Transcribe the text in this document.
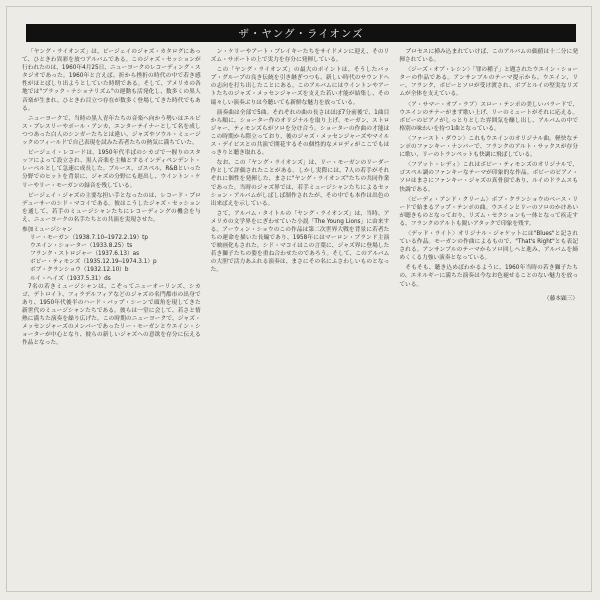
ザ・ヤング・ライオンズ

「ヤング・ライオンズ」は、ビージェイのジャズ・カタログにあって、ひときわ異彩を放つアルバムである。このジャズ・セッションが行われたのは、1960年4月25日、ニューヨークのレコーディング・スタジオであった。1960年と言えば、折から挫折の時代の中で若き感性がほとばしり出ようとしていた時期である。そして、アメリカの各地では"ブラック・ナショナリズム"の運動も活発化し、数多くの黒人音楽が生まれ、ひときわ目立つ存在が数多く登場してきた時代でもある。

ニューヨークで、当時の黒人青年たちの音楽へ向かう勢いはエルビス・プレスリーやポール・アンカ、エンターテイナーとして名を成しつつあった白人のシンガーたちとは違い、ジャズやソウル・ミュージックのフィールドで自己表現を試みた若者たちの熱気に満ちていた。

ビージェイ・レコードは、1950年代半ばのシカゴで一握りのスタッフによって設立され、黒人音楽を主軸とするインディペンデント・レーベルとして急速に成長した。ブルース、ゴスペル、R&Bといった分野でのヒットを背景に、ジャズの分野にも進出し、ウイントン・ケリーやリー・モーガンの録音を残している。

ビージェイ・ジャズの主要な担い手となったのは、レコード・プロデューサーのシド・マコイである。彼はこうしたジャズ・セッションを通して、若手のミュージシャンたちにレコーディングの機会を与え、ニューヨークの名手たちとの共演を実現させた。

参加ミュージシャン
リー・モーガン（1938.7.10─1972.2.19）tp
ウエイン・ショーター（1933.8.25）ts
フランク・ストロジャー（1937.6.13）as
ボビー・ティモンズ（1935.12.19─1974.3.1）p
ボブ・クランショウ（1932.12.10）b
ルイ・ヘイズ（1937.5.31）ds

7名の若きミュージシャンは、こぞってニューオーリンズ、シカゴ、デトロイト、フィラデルフィアなどのジャズの名門都市の出身であり、1950年代後半のハード・バップ・シーンで頭角を現してきた新世代のミュージシャンたちである。彼らは一堂に会して、若さと情熱に満ちた演奏を繰り広げた。この時期のニューヨークで、ジャズ・メッセンジャーズのメンバーであったリー・モーガンとウエイン・ショーターが中心となり、彼らの新しいジャズへの意欲を存分に伝える作品となった。

ン・ケリーやアート・ブレイキーたちをサイドメンに迎え、そのリズム・サポートの上で実力を存分に発揮している。

この「ヤング・ライオンズ」の最大のポイントは、そうしたバップ・グループの良き伝統を引き継ぎつつも、新しい時代のサウンドへの志向を打ち出したことにある。このアルバムにはウイントンやアートたちのジャズ・メッセンジャーズを支えた若い才能が結集し、その瑞々しい演奏ぶりは今聴いても新鮮な魅力を放っている。

演奏曲は全部で5曲。それぞれの曲の長さはほぼ7分前後で、1曲目から順に、ショーター作のオリジナルを取り上げ、モーガン、ストロジャー、ティモンズらがソロを分け合う。ショーターの作曲の才能はこの時期から際立っており、後のジャズ・メッセンジャーズやマイルス・デイビスとの共演で開花するその個性的なメロディがここでもはっきりと聴き取れる。

なお、この「ヤング・ライオンズ」は、リー・モーガンのリーダー作として評価されたことがある。しかし実際には、7人の若手がそれぞれに個性を発揮した、まさに"ヤング・ライオンズ"たちの共同作業であった。当時のジャズ界では、若手ミュージシャンたちによるセッション・アルバムがしばしば制作されたが、その中でも本作は出色の出来ばえを示している。

さて、アルバム・タイトルの「ヤング・ライオンズ」は、当時、アメリカの文学界をにぎわせていた小説「The Young Lions」に由来する。アーウィン・ショウのこの作品は第二次世界大戦を背景に若者たちの運命を描いた長編であり、1958年にはマーロン・ブランド主演で映画化もされた。シド・マコイはこの言葉に、ジャズ界に登場した若き獅子たちの姿を重ね合わせたのであろう。そして、このアルバムの大胆で活力あふれる演奏は、まさにその名にふさわしいものとなった。

プロセスに挿み込まれていけば、このアルバムの価値は十二分に発揮されている。

〈ジーズ・オブ・レシン〉「罪の種子」と題されたウエイン・ショーターの作品である。アンサンブルのテーマ提示から、ウエイン、リー、フランク、ボビーとソロが受け渡され、ボブとルイの堅実なリズムが全体を支えている。

〈ア・サマー・オブ・ラブ〉スロー・テンポの美しいバラードで、ウエインのテナーがまず歌い上げ、リーのミュートがそれに応える。ボビーのピアノがしっとりとした雰囲気を醸し出し、アルバムの中で格別の味わいを持つ1曲となっている。

〈ファースト・ダウン〉これもウエインのオリジナル曲。軽快なテンポのファンキー・ナンバーで、フランクのアルト・サックスが存分に歌い、リーのトランペットも快調に飛ばしている。

〈フアット・レディ〉これはボビー・ティモンズのオリジナルで、ゴスペル調のファンキーなテーマが印象的な作品。ボビーのピアノ・ソロはまさにファンキー・ジャズの真骨頂であり、ルイのドラムスも快調である。

〈ビーディ・アンド・クリーム〉ボブ・クランショウのベース・リードで始まるアップ・テンポの曲。ウエインとリーのソロのかけあいが聴きものとなっており、リズム・セクションも一体となって疾走する。フランクのアルトも鋭いアタックで印象を残す。

〈デッド・ライト〉オリジナル・ジャケットには"Blues"と記されている作品。モーガンの作曲によるもので、"That's Right"とも表記される。アンサンブルのテーマからソロ回しへと進み、アルバムを締めくくる力強い演奏となっている。

そもそも、聴き込めばわかるように、1960年当時の若き獅子たちの、エネルギーに満ちた演奏は今なお色褪せることのない魅力を放っている。

（藤本顕三）
